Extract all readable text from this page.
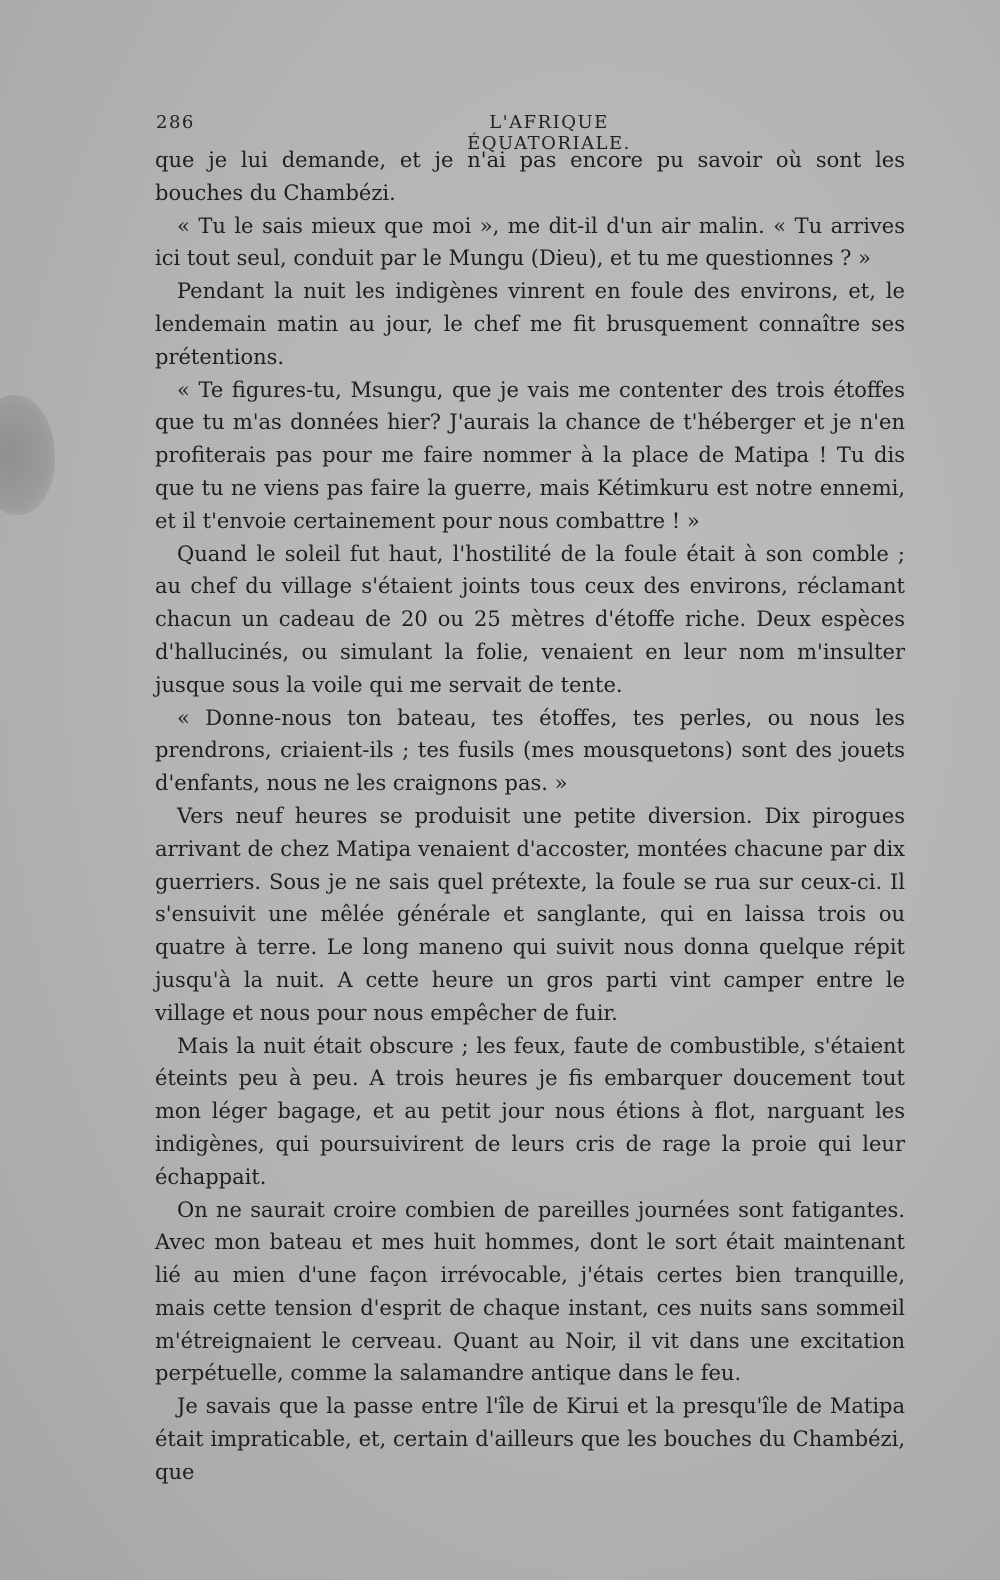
286	L'AFRIQUE ÉQUATORIALE.

que je lui demande, et je n'ai pas encore pu savoir où sont les bouches du Chambézi.

« Tu le sais mieux que moi », me dit-il d'un air malin. « Tu arrives ici tout seul, conduit par le Mungu (Dieu), et tu me questionnes ? »

Pendant la nuit les indigènes vinrent en foule des environs, et, le lendemain matin au jour, le chef me fit brusquement connaître ses prétentions.

« Te figures-tu, Msungu, que je vais me contenter des trois étoffes que tu m'as données hier? J'aurais la chance de t'héberger et je n'en profiterais pas pour me faire nommer à la place de Matipa ! Tu dis que tu ne viens pas faire la guerre, mais Kétimkuru est notre ennemi, et il t'envoie certainement pour nous combattre ! »

Quand le soleil fut haut, l'hostilité de la foule était à son comble ; au chef du village s'étaient joints tous ceux des environs, réclamant chacun un cadeau de 20 ou 25 mètres d'étoffe riche. Deux espèces d'hallucinés, ou simulant la folie, venaient en leur nom m'insulter jusque sous la voile qui me servait de tente.

« Donne-nous ton bateau, tes étoffes, tes perles, ou nous les prendrons, criaient-ils ; tes fusils (mes mousquetons) sont des jouets d'enfants, nous ne les craignons pas. »

Vers neuf heures se produisit une petite diversion. Dix pirogues arrivant de chez Matipa venaient d'accoster, montées chacune par dix guerriers. Sous je ne sais quel prétexte, la foule se rua sur ceux-ci. Il s'ensuivit une mêlée générale et sanglante, qui en laissa trois ou quatre à terre. Le long maneno qui suivit nous donna quelque répit jusqu'à la nuit. A cette heure un gros parti vint camper entre le village et nous pour nous empêcher de fuir.

Mais la nuit était obscure ; les feux, faute de combustible, s'étaient éteints peu à peu. A trois heures je fis embarquer doucement tout mon léger bagage, et au petit jour nous étions à flot, narguant les indigènes, qui poursuivirent de leurs cris de rage la proie qui leur échappait.

On ne saurait croire combien de pareilles journées sont fatigantes. Avec mon bateau et mes huit hommes, dont le sort était maintenant lié au mien d'une façon irrévocable, j'étais certes bien tranquille, mais cette tension d'esprit de chaque instant, ces nuits sans sommeil m'étreignaient le cerveau. Quant au Noir, il vit dans une excitation perpétuelle, comme la salamandre antique dans le feu.

Je savais que la passe entre l'île de Kirui et la presqu'île de Matipa était impraticable, et, certain d'ailleurs que les bouches du Chambézi, que
